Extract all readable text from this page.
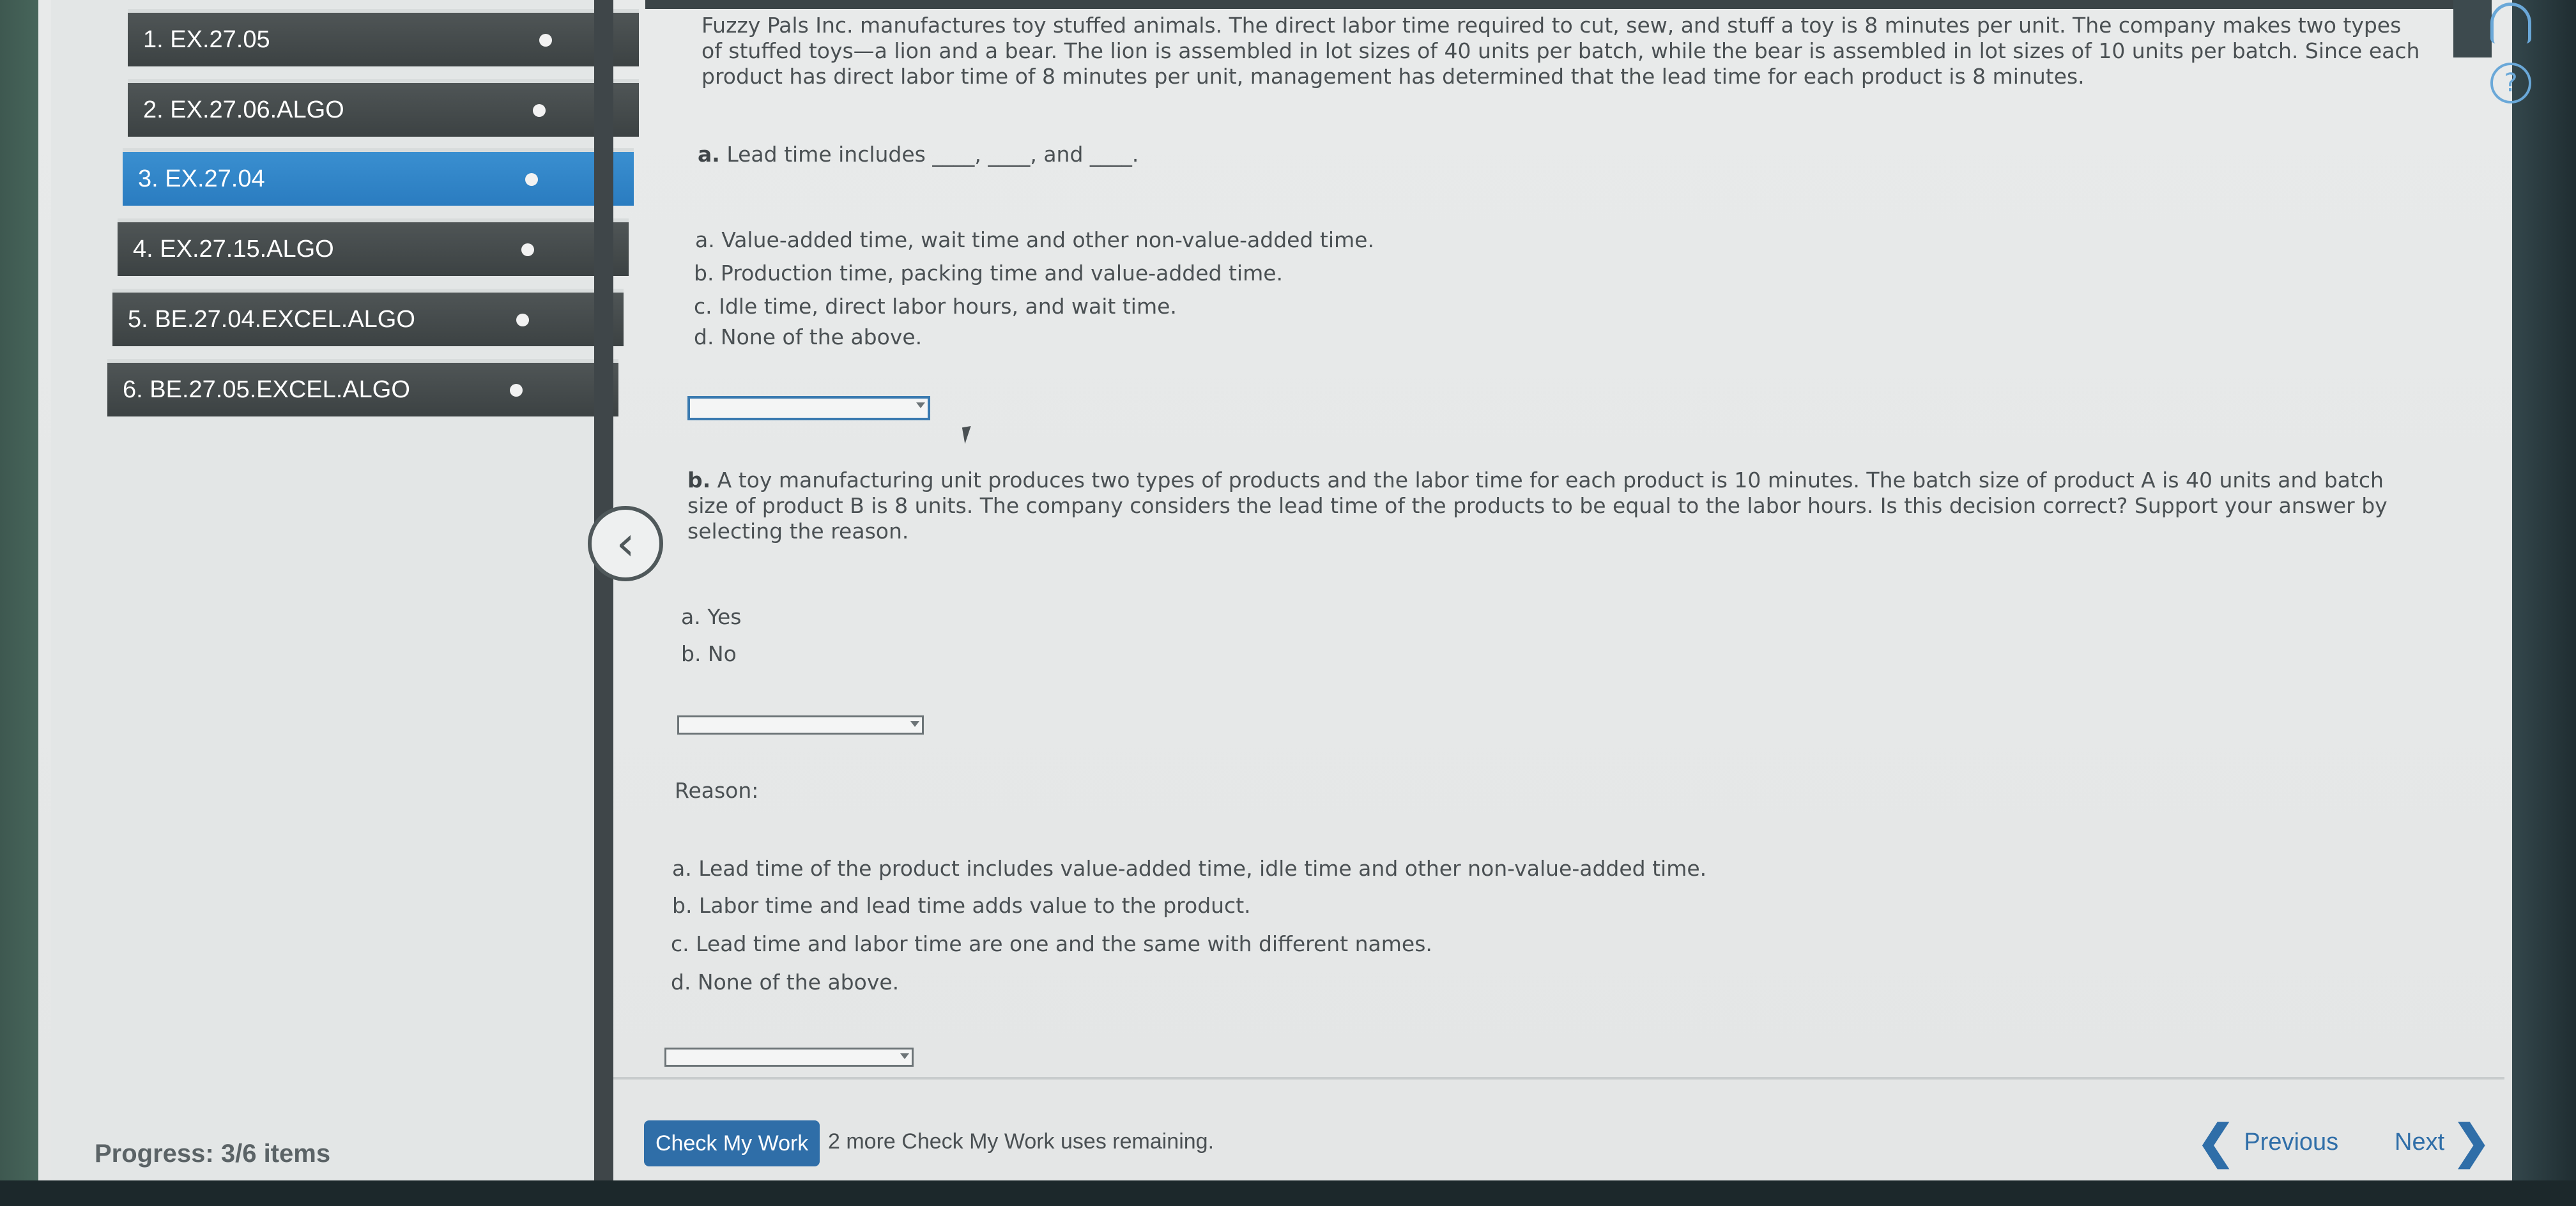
1. EX.27.05
2. EX.27.06.ALGO
3. EX.27.04
4. EX.27.15.ALGO
5. BE.27.04.EXCEL.ALGO
6. BE.27.05.EXCEL.ALGO
Progress: 3/6 items
‹
?
Fuzzy Pals Inc. manufactures toy stuffed animals. The direct labor time required to cut, sew, and stuff a toy is 8 minutes per unit. The company makes two types of stuffed toys—a lion and a bear. The lion is assembled in lot sizes of 40 units per batch, while the bear is assembled in lot sizes of 10 units per batch. Since each product has direct labor time of 8 minutes per unit, management has determined that the lead time for each product is 8 minutes.
a. Lead time includes ____, ____, and ____.
a. Value-added time, wait time and other non-value-added time.
b. Production time, packing time and value-added time.
c. Idle time, direct labor hours, and wait time.
d. None of the above.
b. A toy manufacturing unit produces two types of products and the labor time for each product is 10 minutes. The batch size of product A is 40 units and batch size of product B is 8 units. The company considers the lead time of the products to be equal to the labor hours. Is this decision correct? Support your answer by selecting the reason.
a. Yes
b. No
Reason:
a. Lead time of the product includes value-added time, idle time and other non-value-added time.
b. Labor time and lead time adds value to the product.
c. Lead time and labor time are one and the same with different names.
d. None of the above.
Check My Work 2 more Check My Work uses remaining.	❮ Previous Next ❯
